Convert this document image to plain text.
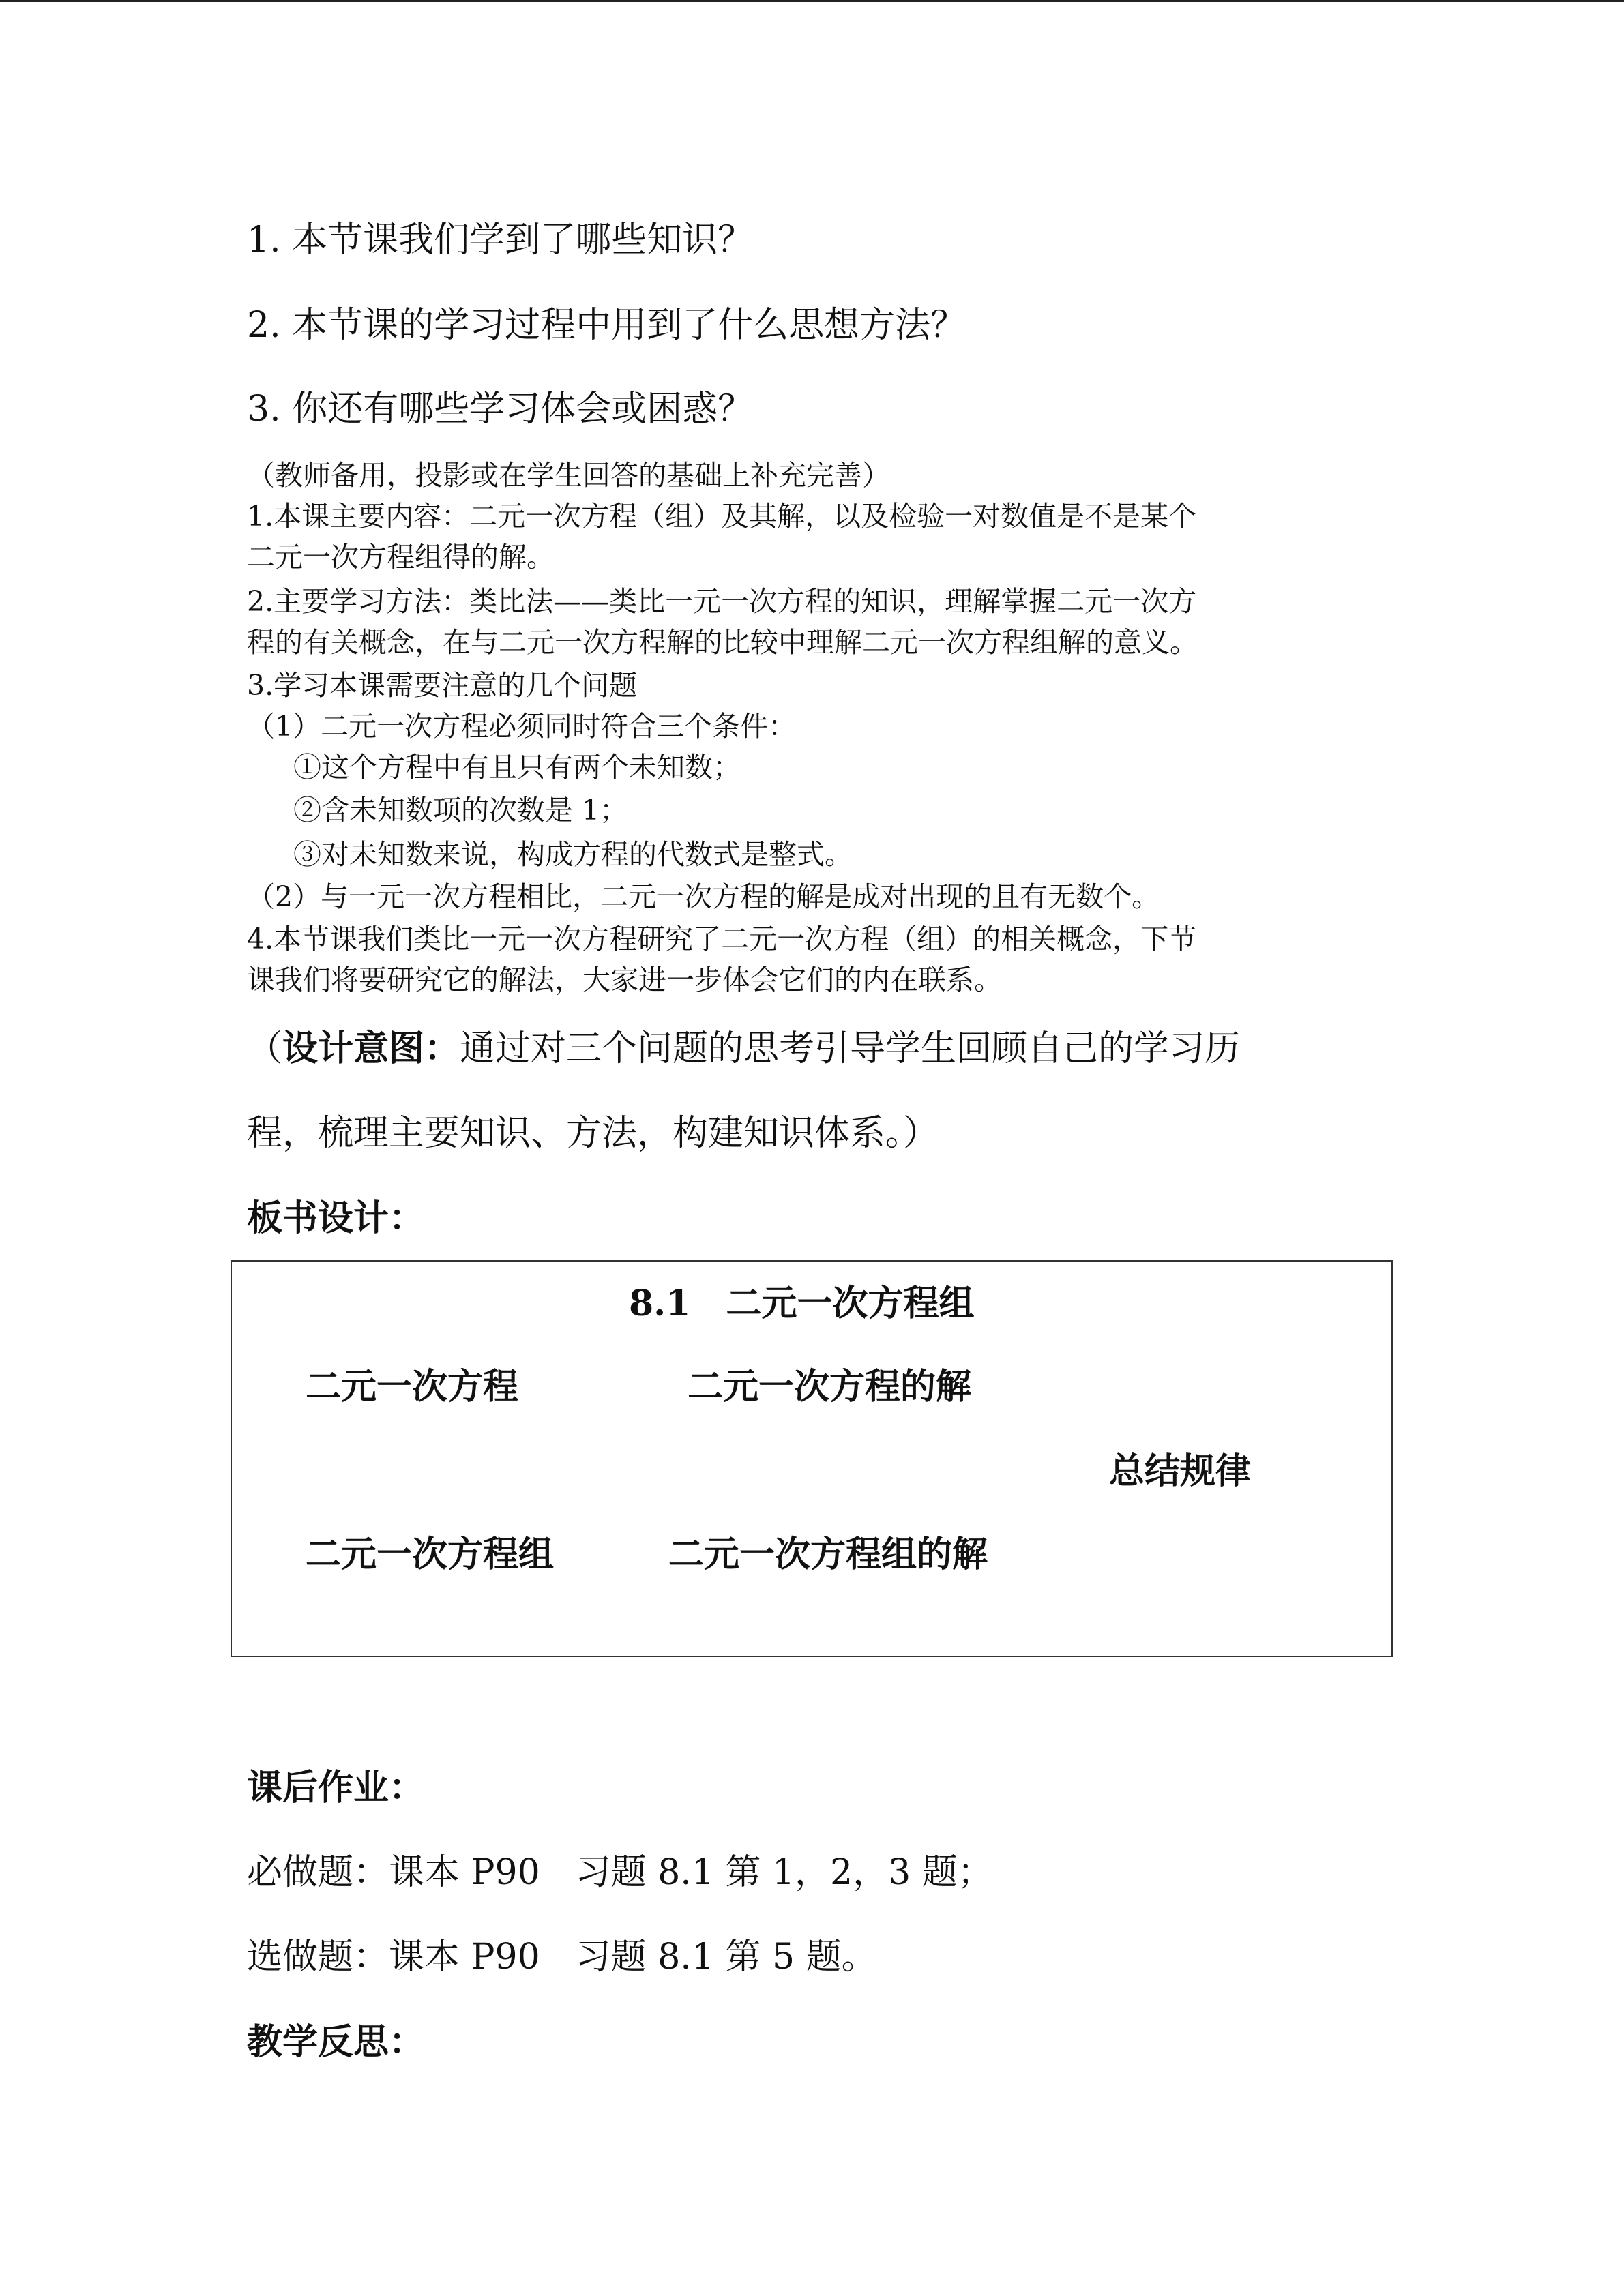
1. 本节课我们学到了哪些知识？
2. 本节课的学习过程中用到了什么思想方法？
3. 你还有哪些学习体会或困惑？
（教师备用，投影或在学生回答的基础上补充完善）
1.本课主要内容：二元一次方程（组）及其解，以及检验一对数值是不是某个
二元一次方程组得的解。
2.主要学习方法：类比法——类比一元一次方程的知识，理解掌握二元一次方
程的有关概念，在与二元一次方程解的比较中理解二元一次方程组解的意义。
3.学习本课需要注意的几个问题
（1）二元一次方程必须同时符合三个条件：
①这个方程中有且只有两个未知数；
②含未知数项的次数是 1；
③对未知数来说，构成方程的代数式是整式。
（2）与一元一次方程相比，二元一次方程的解是成对出现的且有无数个。
4.本节课我们类比一元一次方程研究了二元一次方程（组）的相关概念，下节
课我们将要研究它的解法，大家进一步体会它们的内在联系。
（设计意图：通过对三个问题的思考引导学生回顾自己的学习历
程，梳理主要知识、方法，构建知识体系。）
板书设计：
8.1　二元一次方程组
二元一次方程	二元一次方程的解
总结规律
二元一次方程组	二元一次方程组的解
课后作业：
必做题：课本 P90　习题 8.1 第 1，2，3 题；
选做题：课本 P90　习题 8.1 第 5 题。
教学反思：
